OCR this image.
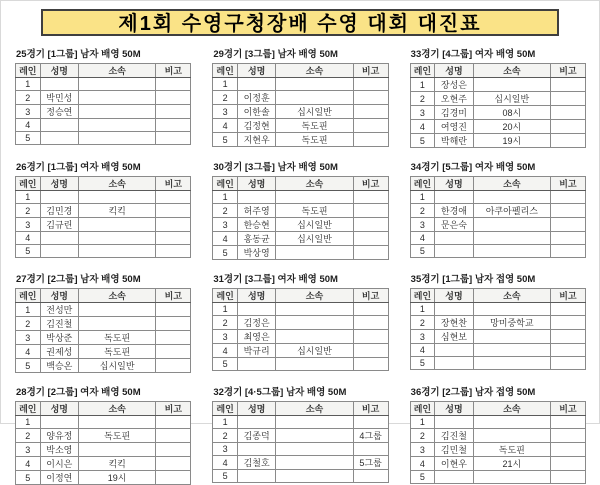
제1회 수영구청장배 수영 대회 대진표
25경기 [1그룹] 남자 배영 50M
레인	성명	소속	비고
1			
2	박민성		
3	정승연		
4			
5			
29경기 [3그룹] 남자 배영 50M
레인	성명	소속	비고
1			
2	이정훈		
3	이한솔	십시일반	
4	김정현	독도핀	
5	지현우	독도핀	
33경기 [4그룹] 여자 배영 50M
레인	성명	소속	비고
1	장성은		
2	오현주	십시일반	
3	김경미	08시	
4	여영진	20시	
5	박해란	19시	
26경기 [1그룹] 여자 배영 50M
레인	성명	소속	비고
1			
2	김민경	킥킥	
3	김규린		
4			
5			
30경기 [3그룹] 남자 배영 50M
레인	성명	소속	비고
1			
2	허주영	독도핀	
3	한승현	십시일반	
4	홍동균	십시일반	
5	박상영		
34경기 [5그룹] 여자 배영 50M
레인	성명	소속	비고
1			
2	한경애	아쿠아펠리스	
3	문은숙		
4			
5			
27경기 [2그룹] 남자 배영 50M
레인	성명	소속	비고
1	전성만		
2	김진철		
3	박상준	독도핀	
4	권제성	독도핀	
5	백승온	십시일반	
31경기 [3그룹] 여자 배영 50M
레인	성명	소속	비고
1			
2	김정은		
3	최영은		
4	박규리	십시일반	
5			
35경기 [1그룹] 남자 접영 50M
레인	성명	소속	비고
1			
2	장현찬	망미중학교	
3	심현보		
4			
5			
28경기 [2그룹] 여자 배영 50M
레인	성명	소속	비고
1			
2	양유정	독도핀	
3	박소영		
4	이시은	킥킥	
5	이정연	19시	
32경기 [4·5그룹] 남자 배영 50M
레인	성명	소속	비고
1			
2	김종덕		4그룹
3			
4	김철호		5그룹
5			
36경기 [2그룹] 남자 접영 50M
레인	성명	소속	비고
1			
2	김진철		
3	김민철	독도핀	
4	이현우	21시	
5			
